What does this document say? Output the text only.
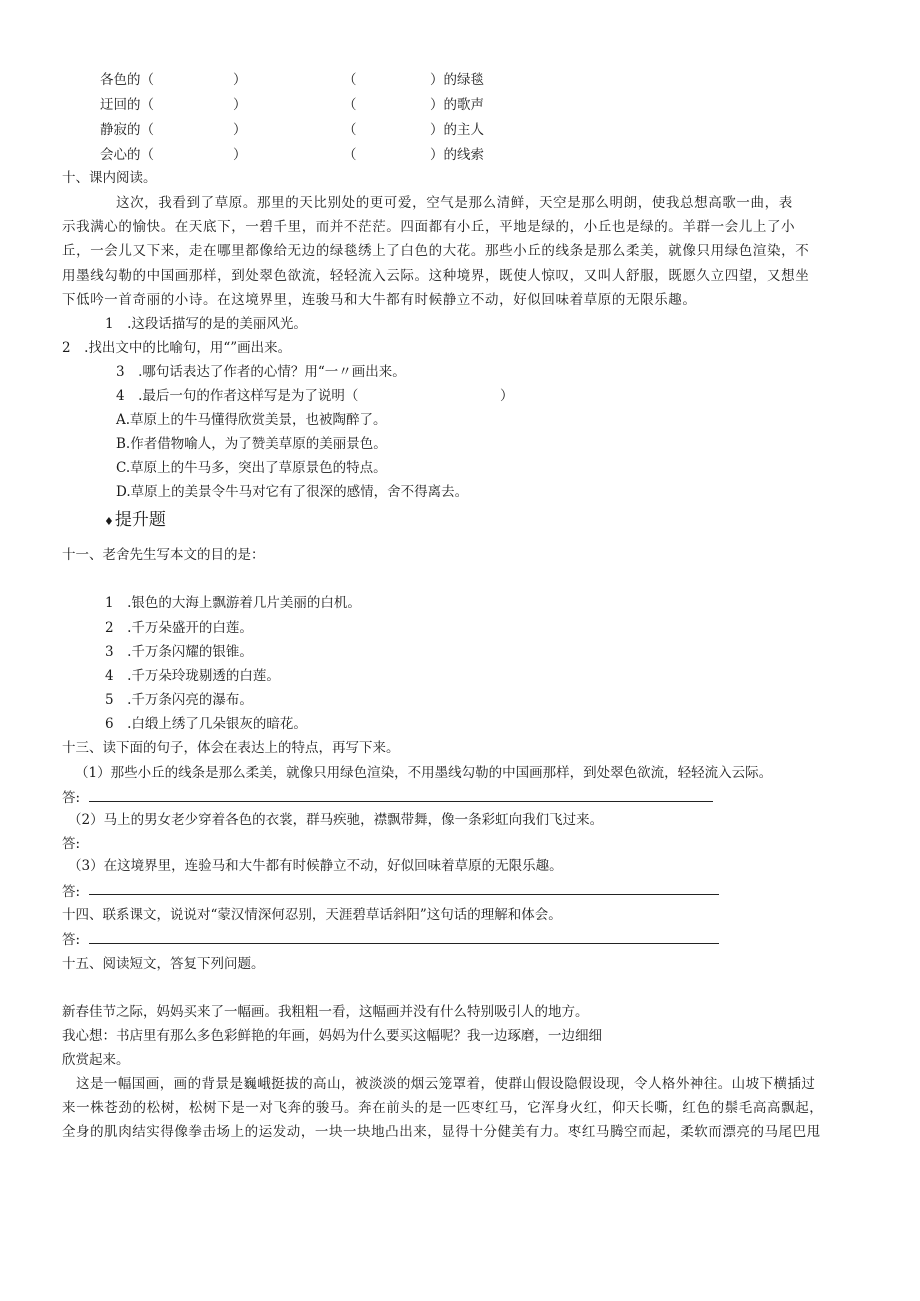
各色的（	）	（	）的绿毯
迂回的（	）	（	）的歌声
静寂的（	）	（	）的主人
会心的（	）	（	）的线索
十、课内阅读。
这次，我看到了草原。那里的天比别处的更可爱，空气是那么清鲜，天空是那么明朗，使我总想高歌一曲，表
示我满心的愉快。在天底下，一碧千里，而并不茫茫。四面都有小丘，平地是绿的，小丘也是绿的。羊群一会儿上了小
丘，一会儿又下来，走在哪里都像给无边的绿毯绣上了白色的大花。那些小丘的线条是那么柔美，就像只用绿色渲染，不
用墨线勾勒的中国画那样，到处翠色欲流，轻轻流入云际。这种境界，既使人惊叹，又叫人舒服，既愿久立四望，又想坐
下低吟一首奇丽的小诗。在这境界里，连骏马和大牛都有时候静立不动，好似回味着草原的无限乐趣。
1　.这段话描写的是的美丽风光。
2　.找出文中的比喻句，用“”画出来。
3　.哪句话表达了作者的心情？用“一〃画出来。
4　.最后一句的作者这样写是为了说明（	）
A.草原上的牛马懂得欣赏美景，也被陶醉了。
B.作者借物喻人，为了赞美草原的美丽景色。
C.草原上的牛马多，突出了草原景色的特点。
D.草原上的美景令牛马对它有了很深的感情，舍不得离去。
♦提升题
十一、老舍先生写本文的目的是：
1　.银色的大海上飘游着几片美丽的白机。
2　.千万朵盛开的白莲。
3　.千万条闪耀的银锥。
4　.千万朵玲珑剔透的白莲。
5　.千万条闪亮的瀑布。
6　.白缎上绣了几朵银灰的暗花。
十三、读下面的句子，体会在表达上的特点，再写下来。
（1）那些小丘的线条是那么柔美，就像只用绿色渲染，不用墨线勾勒的中国画那样，到处翠色欲流，轻轻流入云际。
答:
（2）马上的男女老少穿着各色的衣裳，群马疾驰，襟飘带舞，像一条彩虹向我们飞过来。
答:
（3）在这境界里，连验马和大牛都有时候静立不动，好似回味着草原的无限乐趣。
答:
十四、联系课文，说说对“蒙汉情深何忍别，天涯碧草话斜阳”这句话的理解和体会。
答:
十五、阅读短文，答复下列问题。
新春佳节之际，妈妈买来了一幅画。我粗粗一看，这幅画并没有什么特别吸引人的地方。
我心想：书店里有那么多色彩鲜艳的年画，妈妈为什么要买这幅呢？我一边琢磨，一边细细
欣赏起来。
这是一幅国画，画的背景是巍峨挺拔的高山，被淡淡的烟云笼罩着，使群山假设隐假设现，令人格外神往。山坡下横插过
来一株苍劲的松树，松树下是一对飞奔的骏马。奔在前头的是一匹枣红马，它浑身火红，仰天长嘶，红色的鬃毛高高飘起，
全身的肌肉结实得像拳击场上的运发动，一块一块地凸出来，显得十分健美有力。枣红马腾空而起，柔软而漂亮的马尾巴甩
